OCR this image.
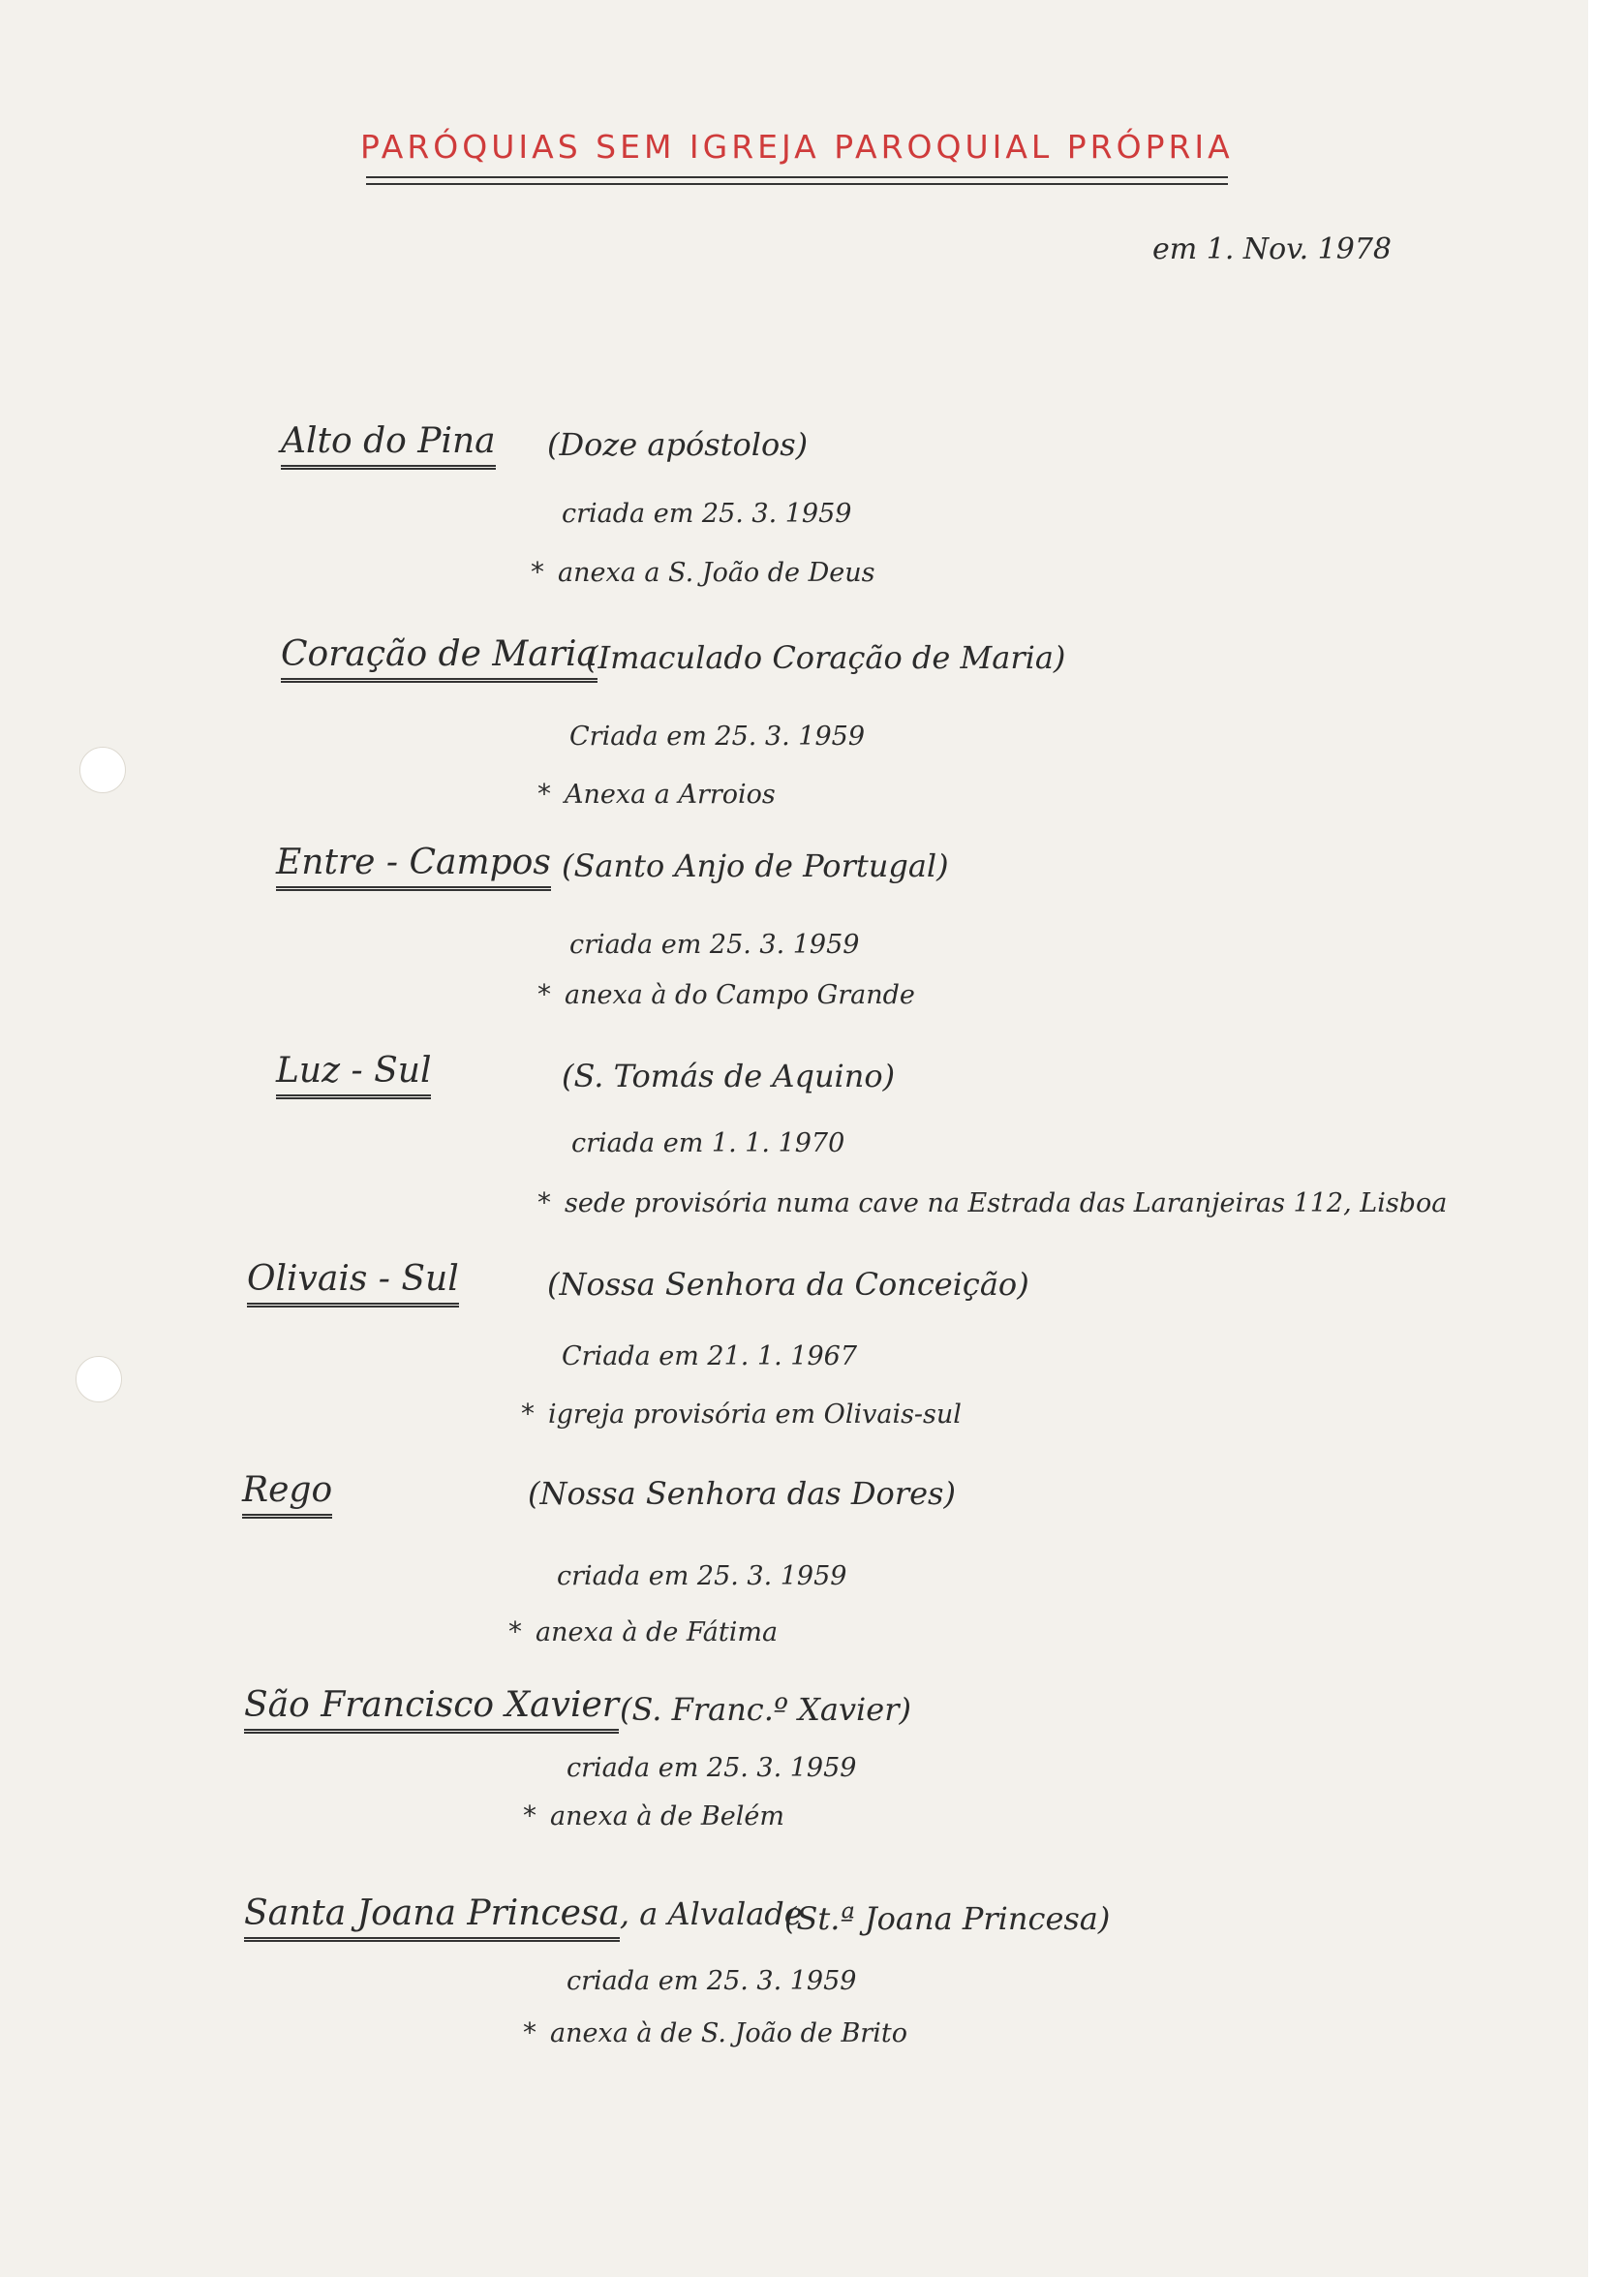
PARÓQUIAS SEM IGREJA PAROQUIAL PRÓPRIA
em 1. Nov. 1978
Alto do Pina (Doze apóstolos)
criada em 25. 3. 1959
* anexa a S. João de Deus
Coração de Maria
(Imaculado Coração de Maria)
Criada em 25. 3. 1959
* Anexa a Arroios
Entre - Campos (Santo Anjo de Portugal)
criada em 25. 3. 1959
* anexa à do Campo Grande
Luz - Sul	(S. Tomás de Aquino)
criada em 1. 1. 1970
* sede provisória numa cave na Estrada das Laranjeiras 112, Lisboa
Olivais - Sul	(Nossa Senhora da Conceição)
Criada em 21. 1. 1967
* igreja provisória em Olivais-sul
Rego	(Nossa Senhora das Dores)
criada em 25. 3. 1959
* anexa à de Fátima
São Francisco Xavier (S. Franc.º Xavier)
criada em 25. 3. 1959
* anexa à de Belém
Santa Joana Princesa, a Alvalade
(St.ª Joana Princesa)
criada em 25. 3. 1959
* anexa à de S. João de Brito
